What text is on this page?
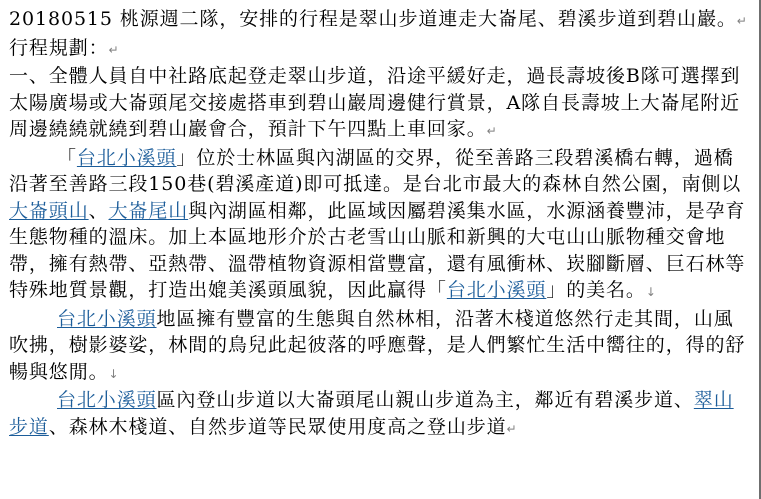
20180515 桃源週二隊，安排的行程是翠山步道連走大崙尾、碧溪步道到碧山巖。↵

行程規劃：↵

一、全體人員自中社路底起登走翠山步道，沿途平緩好走，過長壽坡後B隊可選擇到太陽廣場或大崙頭尾交接處搭車到碧山巖周邊健行賞景，A隊自長壽坡上大崙尾附近周邊繞繞就繞到碧山巖會合，預計下午四點上車回家。↵

「台北小溪頭」位於士林區與內湖區的交界，從至善路三段碧溪橋右轉，過橋沿著至善路三段150巷(碧溪產道)即可抵達。是台北市最大的森林自然公園，南側以大崙頭山、大崙尾山與內湖區相鄰，此區域因屬碧溪集水區，水源涵養豐沛，是孕育生態物種的溫床。加上本區地形介於古老雪山山脈和新興的大屯山山脈物種交會地帶，擁有熱帶、亞熱帶、溫帶植物資源相當豐富，還有風衝林、崁腳斷層、巨石林等特殊地質景觀，打造出媲美溪頭風貌，因此贏得「台北小溪頭」的美名。↓

台北小溪頭地區擁有豐富的生態與自然林相，沿著木棧道悠然行走其間，山風吹拂，樹影婆娑，林間的鳥兒此起彼落的呼應聲，是人們繁忙生活中嚮往的，得的舒暢與悠閒。↓

台北小溪頭區內登山步道以大崙頭尾山親山步道為主，鄰近有碧溪步道、翠山步道、森林木棧道、自然步道等民眾使用度高之登山步道↵
